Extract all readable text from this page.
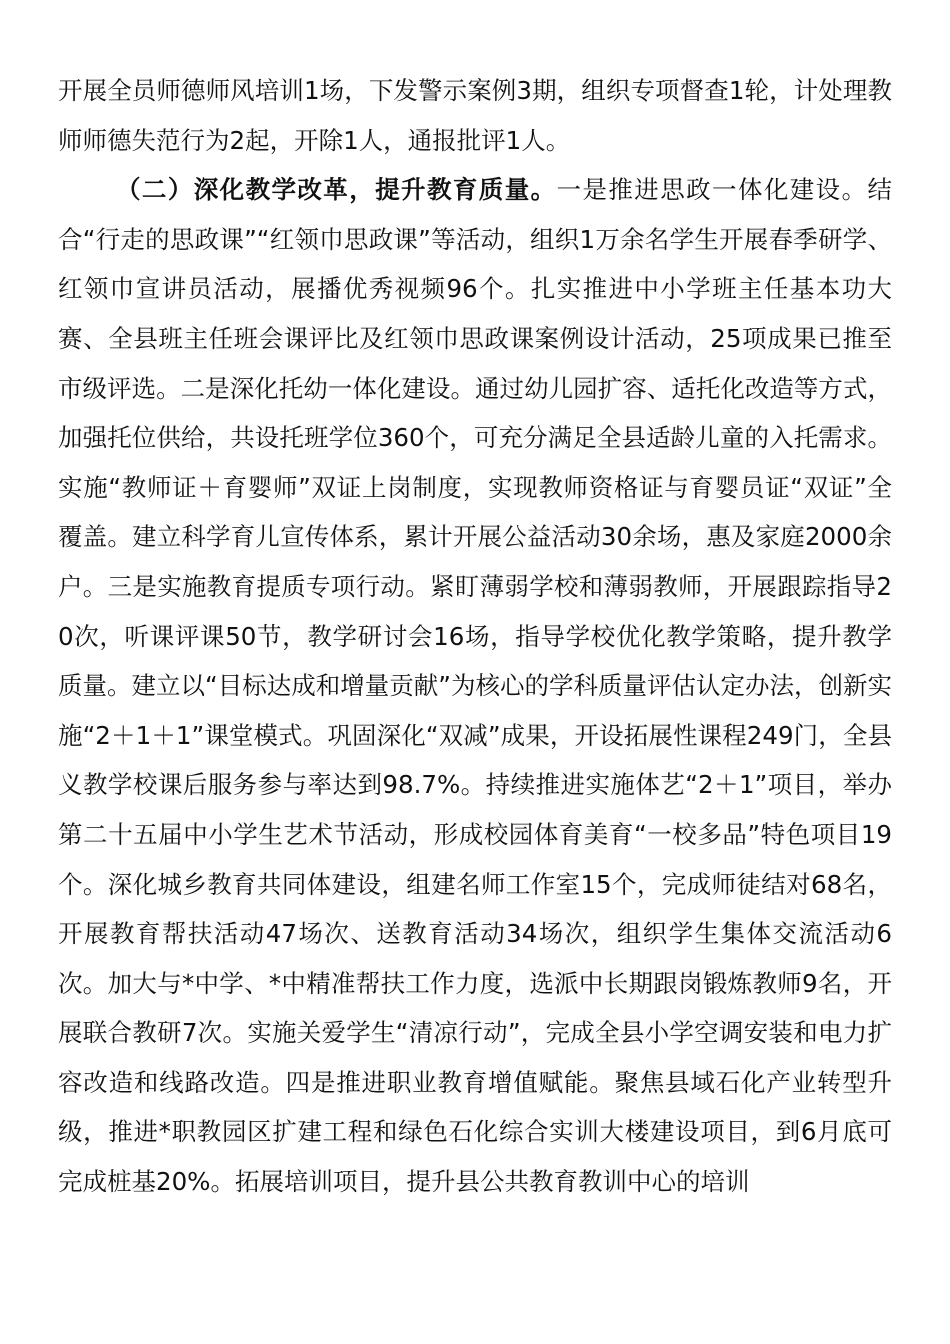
开展全员师德师风培训1场，下发警示案例3期，组织专项督查1轮，计处理教师师德失范行为2起，开除1人，通报批评1人。

（二）深化教学改革，提升教育质量。一是推进思政一体化建设。结合“行走的思政课”“红领巾思政课”等活动，组织1万余名学生开展春季研学、红领巾宣讲员活动，展播优秀视频96个。扎实推进中小学班主任基本功大赛、全县班主任班会课评比及红领巾思政课案例设计活动，25项成果已推至市级评选。二是深化托幼一体化建设。通过幼儿园扩容、适托化改造等方式，加强托位供给，共设托班学位360个，可充分满足全县适龄儿童的入托需求。实施“教师证＋育婴师”双证上岗制度，实现教师资格证与育婴员证“双证”全覆盖。建立科学育儿宣传体系，累计开展公益活动30余场，惠及家庭2000余户。三是实施教育提质专项行动。紧盯薄弱学校和薄弱教师，开展跟踪指导20次，听课评课50节，教学研讨会16场，指导学校优化教学策略，提升教学质量。建立以“目标达成和增量贡献”为核心的学科质量评估认定办法，创新实施“2＋1＋1”课堂模式。巩固深化“双减”成果，开设拓展性课程249门，全县义教学校课后服务参与率达到98.7%。持续推进实施体艺“2＋1”项目，举办第二十五届中小学生艺术节活动，形成校园体育美育“一校多品”特色项目19个。深化城乡教育共同体建设，组建名师工作室15个，完成师徒结对68名，开展教育帮扶活动47场次、送教育活动34场次，组织学生集体交流活动6次。加大与*中学、*中精准帮扶工作力度，选派中长期跟岗锻炼教师9名，开展联合教研7次。实施关爱学生“清凉行动”，完成全县小学空调安装和电力扩容改造和线路改造。四是推进职业教育增值赋能。聚焦县域石化产业转型升级，推进*职教园区扩建工程和绿色石化综合实训大楼建设项目，到6月底可完成桩基20%。拓展培训项目，提升县公共教育教训中心的培训
